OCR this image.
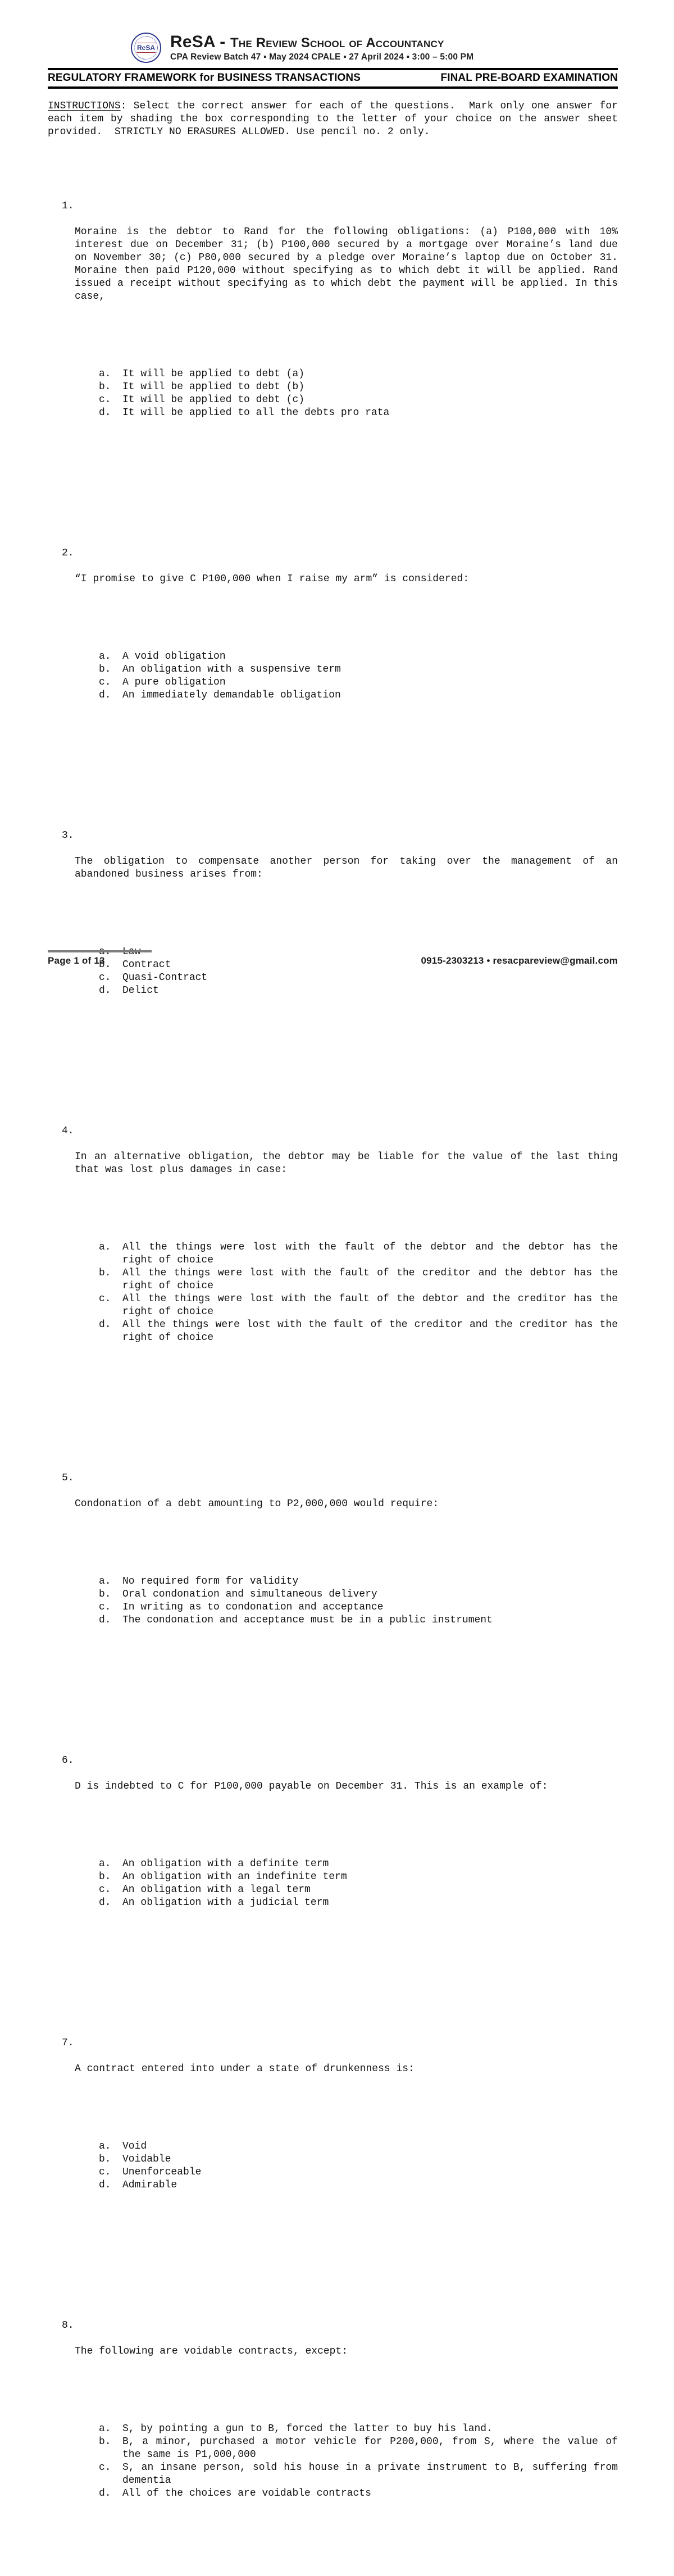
ReSA ReSA - The Review School of Accountancy
CPA Review Batch 47 ▪ May 2024 CPALE ▪ 27 April 2024 ▪ 3:00 – 5:00 PM
REGULATORY FRAMEWORK for BUSINESS TRANSACTIONS	FINAL PRE-BOARD EXAMINATION

INSTRUCTIONS: Select the correct answer for each of the questions.  Mark only one answer for each item by shading the box corresponding to the letter of your choice on the answer sheet provided.  STRICTLY NO ERASURES ALLOWED. Use pencil no. 2 only.

1.

Moraine is the debtor to Rand for the following obligations: (a) P100,000 with 10% interest due on December 31; (b) P100,000 secured by a mortgage over Moraine’s land due on November 30; (c) P80,000 secured by a pledge over Moraine’s laptop due on October 31. Moraine then paid P120,000 without specifying as to which debt it will be applied. Rand issued a receipt without specifying as to which debt the payment will be applied. In this case,

a.	It will be applied to debt (a)
b.	It will be applied to debt (b)
c.	It will be applied to debt (c)
d.	It will be applied to all the debts pro rata

2.

“I promise to give C P100,000 when I raise my arm” is considered:

a.	A void obligation
b.	An obligation with a suspensive term
c.	A pure obligation
d.	An immediately demandable obligation

3.

The obligation to compensate another person for taking over the management of an abandoned business arises from:

b.	Contract
c.	Quasi-Contract
d.	Delict

4.

In an alternative obligation, the debtor may be liable for the value of the last thing that was lost plus damages in case:

a.	All the things were lost with the fault of the debtor and the debtor has the right of choice
b.	All the things were lost with the fault of the creditor and the debtor has the right of choice
c.	All the things were lost with the fault of the debtor and the creditor has the right of choice
d.	All the things were lost with the fault of the creditor and the creditor has the right of choice

5.

Condonation of a debt amounting to P2,000,000 would require:

a.	No required form for validity
b.	Oral condonation and simultaneous delivery
c.	In writing as to condonation and acceptance
d.	The condonation and acceptance must be in a public instrument

6.

D is indebted to C for P100,000 payable on December 31. This is an example of:

a.	An obligation with a definite term
b.	An obligation with an indefinite term
c.	An obligation with a legal term
d.	An obligation with a judicial term

7.

A contract entered into under a state of drunkenness is:

a.	Void
b.	Voidable
c.	Unenforceable
d.	Admirable

8.

The following are voidable contracts, except:

a.	S, by pointing a gun to B, forced the latter to buy his land.
b.	B, a minor, purchased a motor vehicle for P200,000, from S, where the value of the same is P1,000,000
c.	S, an insane person, sold his house in a private instrument to B, suffering from dementia
d.	All of the choices are voidable contracts

Page 1 of 13	0915-2303213 • resacpareview@gmail.com
